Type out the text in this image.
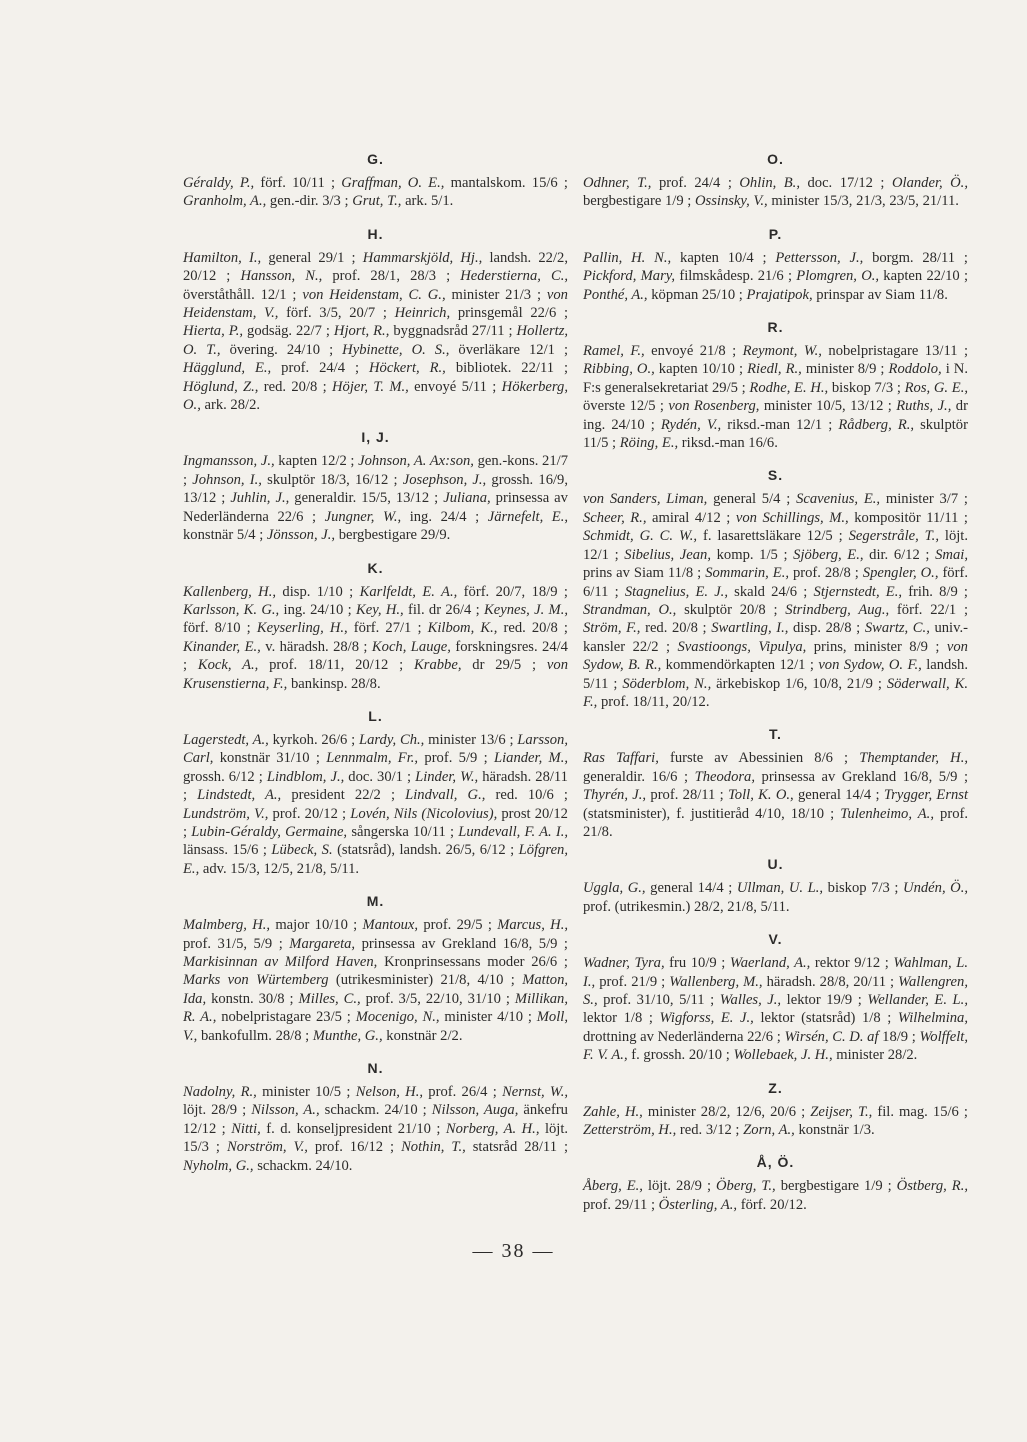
G.

Géraldy, P., förf. 10/11 ; Graffman, O. E., mantalskom. 15/6 ; Granholm, A., gen.-dir. 3/3 ; Grut, T., ark. 5/1.

H.

Hamilton, I., general 29/1 ; Hammarskjöld, Hj., landsh. 22/2, 20/12 ; Hansson, N., prof. 28/1, 28/3 ; Hederstierna, C., överståthåll. 12/1 ; von Heidenstam, C. G., minister 21/3 ; von Heidenstam, V., förf. 3/5, 20/7 ; Heinrich, prinsgemål 22/6 ; Hierta, P., godsäg. 22/7 ; Hjort, R., byggnadsråd 27/11 ; Hollertz, O. T., övering. 24/10 ; Hybinette, O. S., överläkare 12/1 ; Hägglund, E., prof. 24/4 ; Höckert, R., bibliotek. 22/11 ; Höglund, Z., red. 20/8 ; Höjer, T. M., envoyé 5/11 ; Hökerberg, O., ark. 28/2.

I, J.

Ingmansson, J., kapten 12/2 ; Johnson, A. Ax:son, gen.-kons. 21/7 ; Johnson, I., skulptör 18/3, 16/12 ; Josephson, J., grossh. 16/9, 13/12 ; Juhlin, J., generaldir. 15/5, 13/12 ; Juliana, prinsessa av Nederländerna 22/6 ; Jungner, W., ing. 24/4 ; Järnefelt, E., konstnär 5/4 ; Jönsson, J., bergbestigare 29/9.

K.

Kallenberg, H., disp. 1/10 ; Karlfeldt, E. A., förf. 20/7, 18/9 ; Karlsson, K. G., ing. 24/10 ; Key, H., fil. dr 26/4 ; Keynes, J. M., förf. 8/10 ; Keyserling, H., förf. 27/1 ; Kilbom, K., red. 20/8 ; Kinander, E., v. häradsh. 28/8 ; Koch, Lauge, forskningsres. 24/4 ; Kock, A., prof. 18/11, 20/12 ; Krabbe, dr 29/5 ; von Krusenstierna, F., bankinsp. 28/8.

L.

Lagerstedt, A., kyrkoh. 26/6 ; Lardy, Ch., minister 13/6 ; Larsson, Carl, konstnär 31/10 ; Lennmalm, Fr., prof. 5/9 ; Liander, M., grossh. 6/12 ; Lindblom, J., doc. 30/1 ; Linder, W., häradsh. 28/11 ; Lindstedt, A., president 22/2 ; Lindvall, G., red. 10/6 ; Lundström, V., prof. 20/12 ; Lovén, Nils (Nicolovius), prost 20/12 ; Lubin-Géraldy, Germaine, sångerska 10/11 ; Lundevall, F. A. I., länsass. 15/6 ; Lübeck, S. (statsråd), landsh. 26/5, 6/12 ; Löfgren, E., adv. 15/3, 12/5, 21/8, 5/11.

M.

Malmberg, H., major 10/10 ; Mantoux, prof. 29/5 ; Marcus, H., prof. 31/5, 5/9 ; Margareta, prinsessa av Grekland 16/8, 5/9 ; Markisinnan av Milford Haven, Kronprinsessans moder 26/6 ; Marks von Würtemberg (utrikesminister) 21/8, 4/10 ; Matton, Ida, konstn. 30/8 ; Milles, C., prof. 3/5, 22/10, 31/10 ; Millikan, R. A., nobelpristagare 23/5 ; Mocenigo, N., minister 4/10 ; Moll, V., bankofullm. 28/8 ; Munthe, G., konstnär 2/2.

N.

Nadolny, R., minister 10/5 ; Nelson, H., prof. 26/4 ; Nernst, W., löjt. 28/9 ; Nilsson, A., schackm. 24/10 ; Nilsson, Auga, änkefru 12/12 ; Nitti, f. d. konseljpresident 21/10 ; Norberg, A. H., löjt. 15/3 ; Norström, V., prof. 16/12 ; Nothin, T., statsråd 28/11 ; Nyholm, G., schackm. 24/10.

O.

Odhner, T., prof. 24/4 ; Ohlin, B., doc. 17/12 ; Olander, Ö., bergbestigare 1/9 ; Ossinsky, V., minister 15/3, 21/3, 23/5, 21/11.

P.

Pallin, H. N., kapten 10/4 ; Pettersson, J., borgm. 28/11 ; Pickford, Mary, filmskådesp. 21/6 ; Plomgren, O., kapten 22/10 ; Ponthé, A., köpman 25/10 ; Prajatipok, prinspar av Siam 11/8.

R.

Ramel, F., envoyé 21/8 ; Reymont, W., nobelpristagare 13/11 ; Ribbing, O., kapten 10/10 ; Riedl, R., minister 8/9 ; Roddolo, i N. F:s generalsekretariat 29/5 ; Rodhe, E. H., biskop 7/3 ; Ros, G. E., överste 12/5 ; von Rosenberg, minister 10/5, 13/12 ; Ruths, J., dr ing. 24/10 ; Rydén, V., riksd.-man 12/1 ; Rådberg, R., skulptör 11/5 ; Röing, E., riksd.-man 16/6.

S.

von Sanders, Liman, general 5/4 ; Scavenius, E., minister 3/7 ; Scheer, R., amiral 4/12 ; von Schillings, M., kompositör 11/11 ; Schmidt, G. C. W., f. lasarettsläkare 12/5 ; Segerstråle, T., löjt. 12/1 ; Sibelius, Jean, komp. 1/5 ; Sjöberg, E., dir. 6/12 ; Smai, prins av Siam 11/8 ; Sommarin, E., prof. 28/8 ; Spengler, O., förf. 6/11 ; Stagnelius, E. J., skald 24/6 ; Stjernstedt, E., frih. 8/9 ; Strandman, O., skulptör 20/8 ; Strindberg, Aug., förf. 22/1 ; Ström, F., red. 20/8 ; Swartling, I., disp. 28/8 ; Swartz, C., univ.-kansler 22/2 ; Svastioongs, Vipulya, prins, minister 8/9 ; von Sydow, B. R., kommendörkapten 12/1 ; von Sydow, O. F., landsh. 5/11 ; Söderblom, N., ärkebiskop 1/6, 10/8, 21/9 ; Söderwall, K. F., prof. 18/11, 20/12.

T.

Ras Taffari, furste av Abessinien 8/6 ; Themptander, H., generaldir. 16/6 ; Theodora, prinsessa av Grekland 16/8, 5/9 ; Thyrén, J., prof. 28/11 ; Toll, K. O., general 14/4 ; Trygger, Ernst (statsminister), f. justitieråd 4/10, 18/10 ; Tulenheimo, A., prof. 21/8.

U.

Uggla, G., general 14/4 ; Ullman, U. L., biskop 7/3 ; Undén, Ö., prof. (utrikesmin.) 28/2, 21/8, 5/11.

V.

Wadner, Tyra, fru 10/9 ; Waerland, A., rektor 9/12 ; Wahlman, L. I., prof. 21/9 ; Wallenberg, M., häradsh. 28/8, 20/11 ; Wallengren, S., prof. 31/10, 5/11 ; Walles, J., lektor 19/9 ; Wellander, E. L., lektor 1/8 ; Wigforss, E. J., lektor (statsråd) 1/8 ; Wilhelmina, drottning av Nederländerna 22/6 ; Wirsén, C. D. af 18/9 ; Wolffelt, F. V. A., f. grossh. 20/10 ; Wollebaek, J. H., minister 28/2.

Z.

Zahle, H., minister 28/2, 12/6, 20/6 ; Zeijser, T., fil. mag. 15/6 ; Zetterström, H., red. 3/12 ; Zorn, A., konstnär 1/3.

Å, Ö.

Åberg, E., löjt. 28/9 ; Öberg, T., bergbestigare 1/9 ; Östberg, R., prof. 29/11 ; Österling, A., förf. 20/12.

— 38 —
